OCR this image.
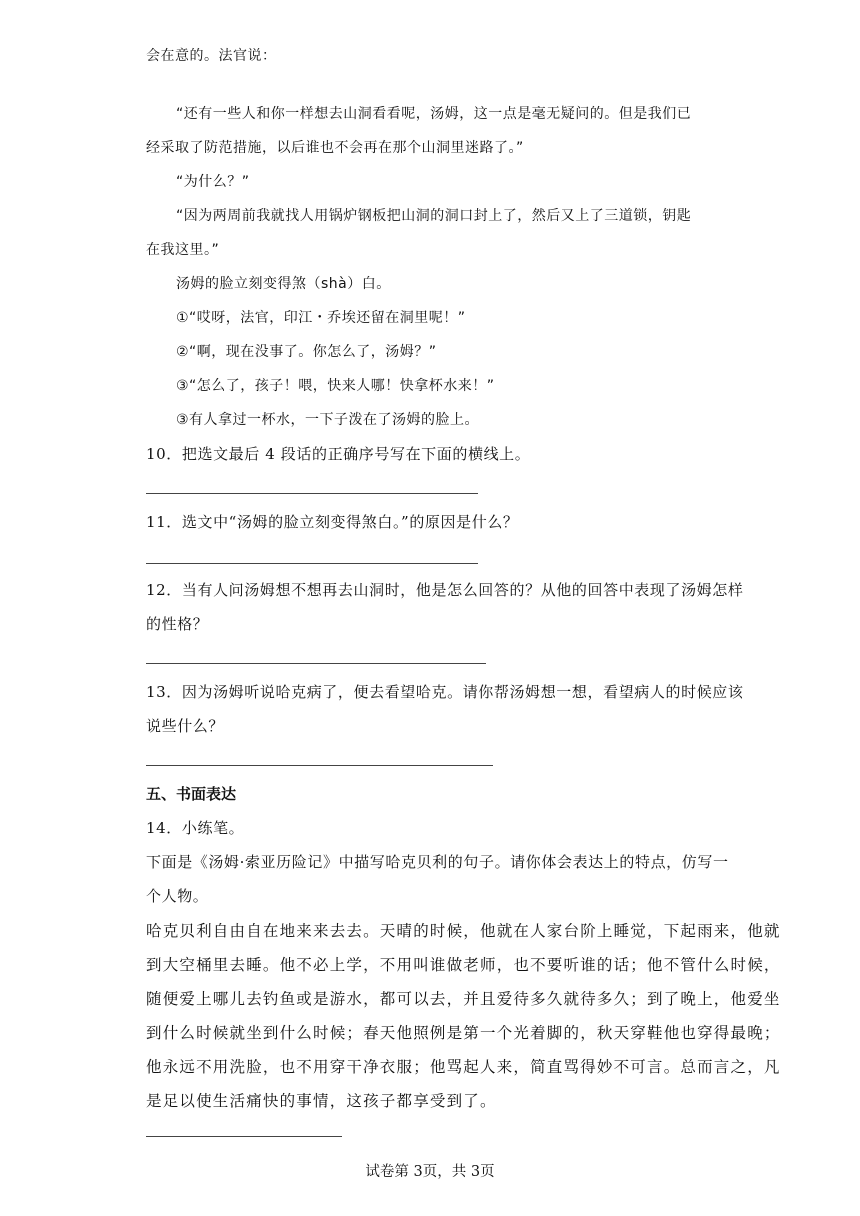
会在意的。法官说：
“还有一些人和你一样想去山洞看看呢，汤姆，这一点是毫无疑问的。但是我们已
经采取了防范措施，以后谁也不会再在那个山洞里迷路了。”
“为什么？”
“因为两周前我就找人用锅炉钢板把山洞的洞口封上了，然后又上了三道锁，钥匙
在我这里。”
汤姆的脸立刻变得煞（shà）白。
①“哎呀，法官，印江・乔埃还留在洞里呢！”
②“啊，现在没事了。你怎么了，汤姆？”
③“怎么了，孩子！喂，快来人哪！快拿杯水来！”
③有人拿过一杯水，一下子泼在了汤姆的脸上。
10．把选文最后 4 段话的正确序号写在下面的横线上。
11．选文中“汤姆的脸立刻变得煞白。”的原因是什么？
12．当有人问汤姆想不想再去山洞时，他是怎么回答的？从他的回答中表现了汤姆怎样
的性格？
13．因为汤姆听说哈克病了，便去看望哈克。请你帮汤姆想一想，看望病人的时候应该
说些什么？
五、书面表达
14．小练笔。
下面是《汤姆·索亚历险记》中描写哈克贝利的句子。请你体会表达上的特点，仿写一
个人物。
哈克贝利自由自在地来来去去。天晴的时候，他就在人家台阶上睡觉，下起雨来，他就
到大空桶里去睡。他不必上学，不用叫谁做老师，也不要听谁的话；他不管什么时候，
随便爱上哪儿去钓鱼或是游水，都可以去，并且爱待多久就待多久；到了晚上，他爱坐
到什么时候就坐到什么时候；春天他照例是第一个光着脚的，秋天穿鞋他也穿得最晚；
他永远不用洗脸，也不用穿干净衣服；他骂起人来，简直骂得妙不可言。总而言之，凡
是足以使生活痛快的事情，这孩子都享受到了。
试卷第 3页，共 3页
